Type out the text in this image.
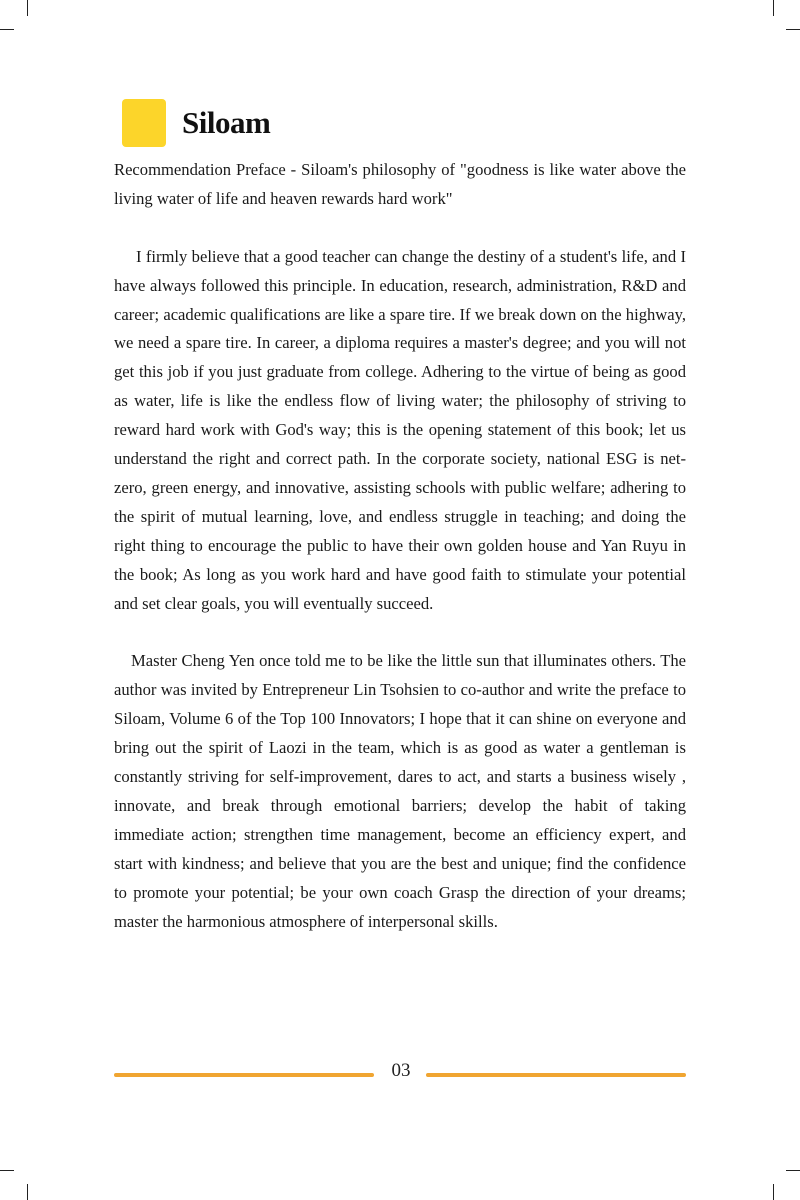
Siloam

Recommendation Preface - Siloam's philosophy of "goodness is like water above the living water of life and heaven rewards hard work"

I firmly believe that a good teacher can change the destiny of a student's life, and I have always followed this principle. In education, research, administration, R&D and career; academic qualifications are like a spare tire. If we break down on the highway, we need a spare tire. In career, a diploma requires a master's degree; and you will not get this job if you just graduate from college. Adhering to the virtue of being as good as water, life is like the endless flow of living water; the philosophy of striving to reward hard work with God's way; this is the opening statement of this book; let us understand the right and correct path. In the corporate society, national ESG is net-zero, green energy, and innovative, assisting schools with public welfare; adhering to the spirit of mutual learning, love, and endless struggle in teaching; and doing the right thing to encourage the public to have their own golden house and Yan Ruyu in the book; As long as you work hard and have good faith to stimulate your potential and set clear goals, you will eventually succeed.

Master Cheng Yen once told me to be like the little sun that illuminates others. The author was invited by Entrepreneur Lin Tsohsien to co-author and write the preface to Siloam, Volume 6 of the Top 100 Innovators; I hope that it can shine on everyone and bring out the spirit of Laozi in the team, which is as good as water a gentleman is constantly striving for self-improvement, dares to act, and starts a business wisely , innovate, and break through emotional barriers; develop the habit of taking immediate action; strengthen time management, become an efficiency expert, and start with kindness; and believe that you are the best and unique; find the confidence to promote your potential; be your own coach Grasp the direction of your dreams; master the harmonious atmosphere of interpersonal skills.

03
